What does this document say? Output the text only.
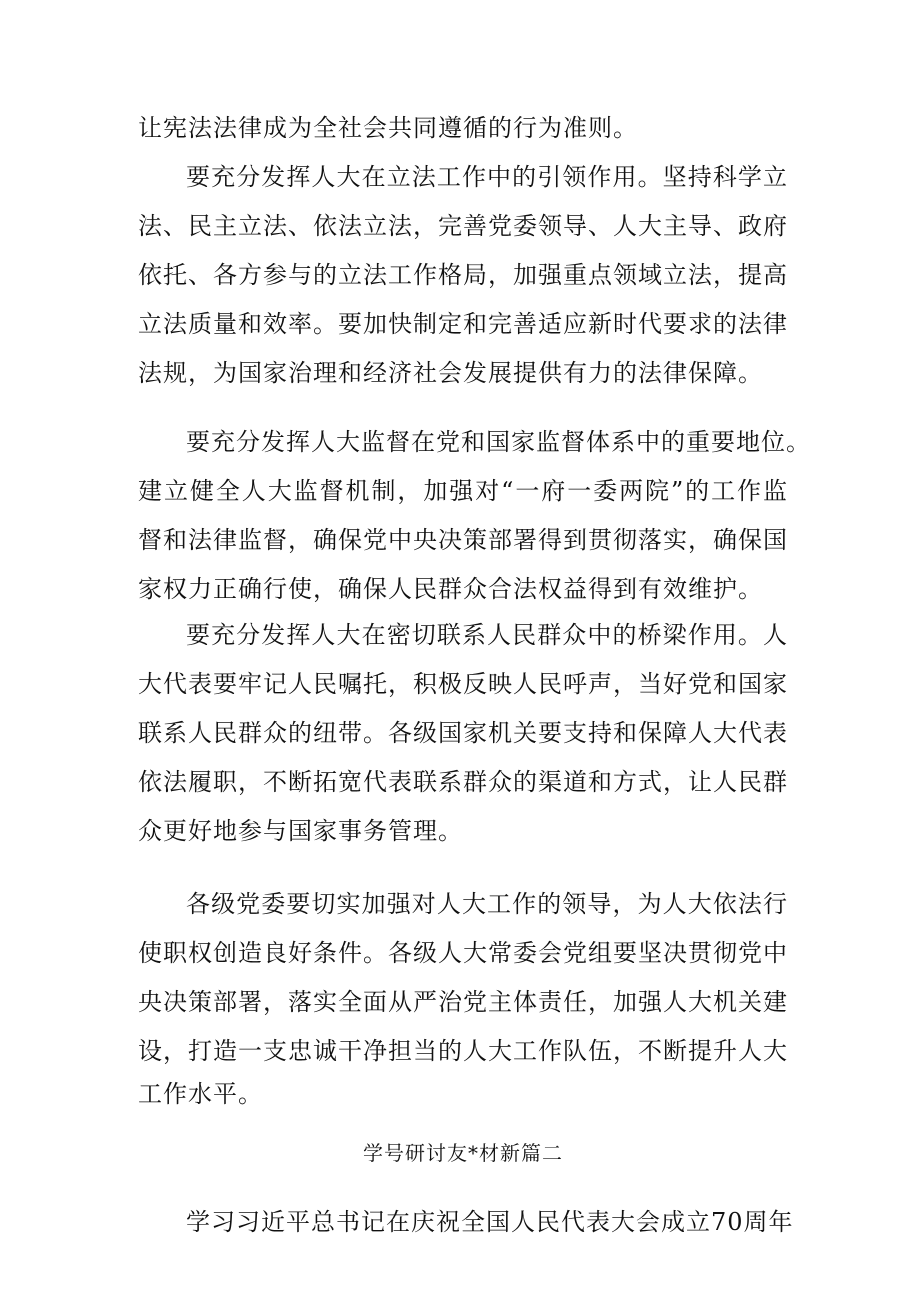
让宪法法律成为全社会共同遵循的行为准则。
要充分发挥人大在立法工作中的引领作用。坚持科学立
法、民主立法、依法立法，完善党委领导、人大主导、政府
依托、各方参与的立法工作格局，加强重点领域立法，提高
立法质量和效率。要加快制定和完善适应新时代要求的法律
法规，为国家治理和经济社会发展提供有力的法律保障。
要充分发挥人大监督在党和国家监督体系中的重要地位。
建立健全人大监督机制，加强对“一府一委两院”的工作监
督和法律监督，确保党中央决策部署得到贯彻落实，确保国
家权力正确行使，确保人民群众合法权益得到有效维护。
要充分发挥人大在密切联系人民群众中的桥梁作用。人
大代表要牢记人民嘱托，积极反映人民呼声，当好党和国家
联系人民群众的纽带。各级国家机关要支持和保障人大代表
依法履职，不断拓宽代表联系群众的渠道和方式，让人民群
众更好地参与国家事务管理。
各级党委要切实加强对人大工作的领导，为人大依法行
使职权创造良好条件。各级人大常委会党组要坚决贯彻党中
央决策部署，落实全面从严治党主体责任，加强人大机关建
设，打造一支忠诚干净担当的人大工作队伍，不断提升人大
工作水平。
学号研讨友*材新篇二
学习习近平总书记在庆祝全国人民代表大会成立70周年
